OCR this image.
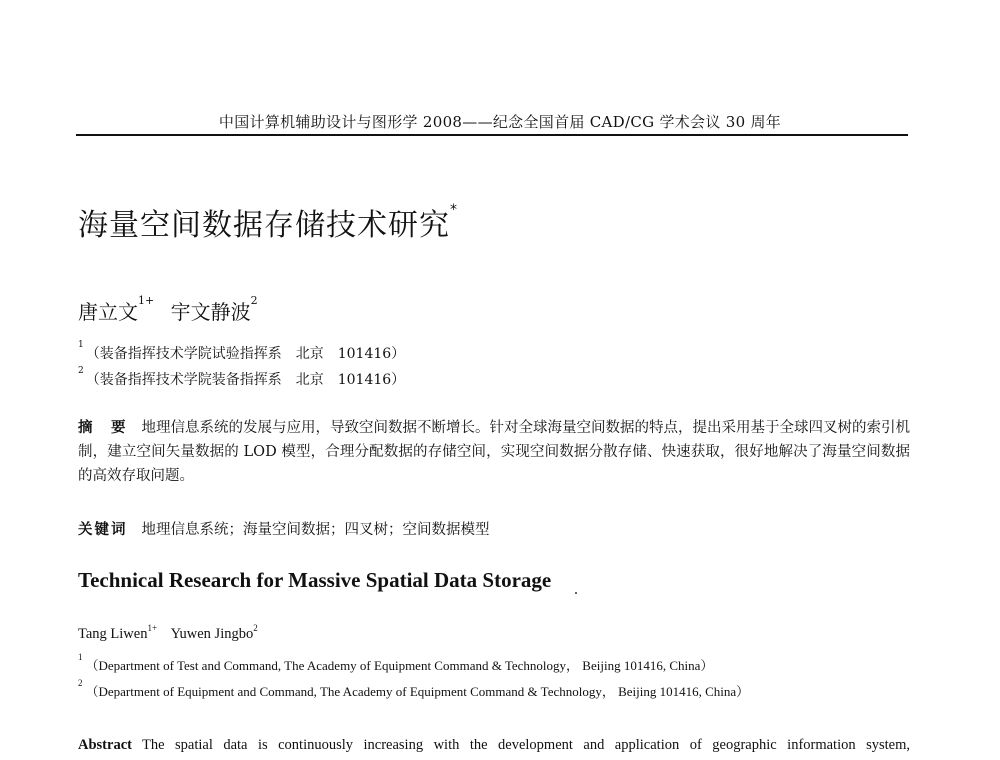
中国计算机辅助设计与图形学 2008——纪念全国首届 CAD/CG 学术会议 30 周年
海量空间数据存储技术研究*
唐立文$^{1+}$ 宇文静波$^2$
$^1$（装备指挥技术学院试验指挥系　北京　101416）
$^2$（装备指挥技术学院装备指挥系　北京　101416）
摘　要 地理信息系统的发展与应用，导致空间数据不断增长。针对全球海量空间数据的特点，提出采用基于全球四叉树的索引机制，建立空间矢量数据的 LOD 模型，合理分配数据的存储空间，实现空间数据分散存储、快速获取，很好地解决了海量空间数据的高效存取问题。
关键词 地理信息系统；海量空间数据；四叉树；空间数据模型
Technical Research for Massive Spatial Data Storage
Tang Liwen$^{1+}$ Yuwen Jingbo$^2$
$^1$（Department of Test and Command, The Academy of Equipment Command & Technology， Beijing 101416, China）
$^2$（Department of Equipment and Command, The Academy of Equipment Command & Technology， Beijing 101416, China）
Abstract The spatial data is continuously increasing with the development and application of geographic information system,
